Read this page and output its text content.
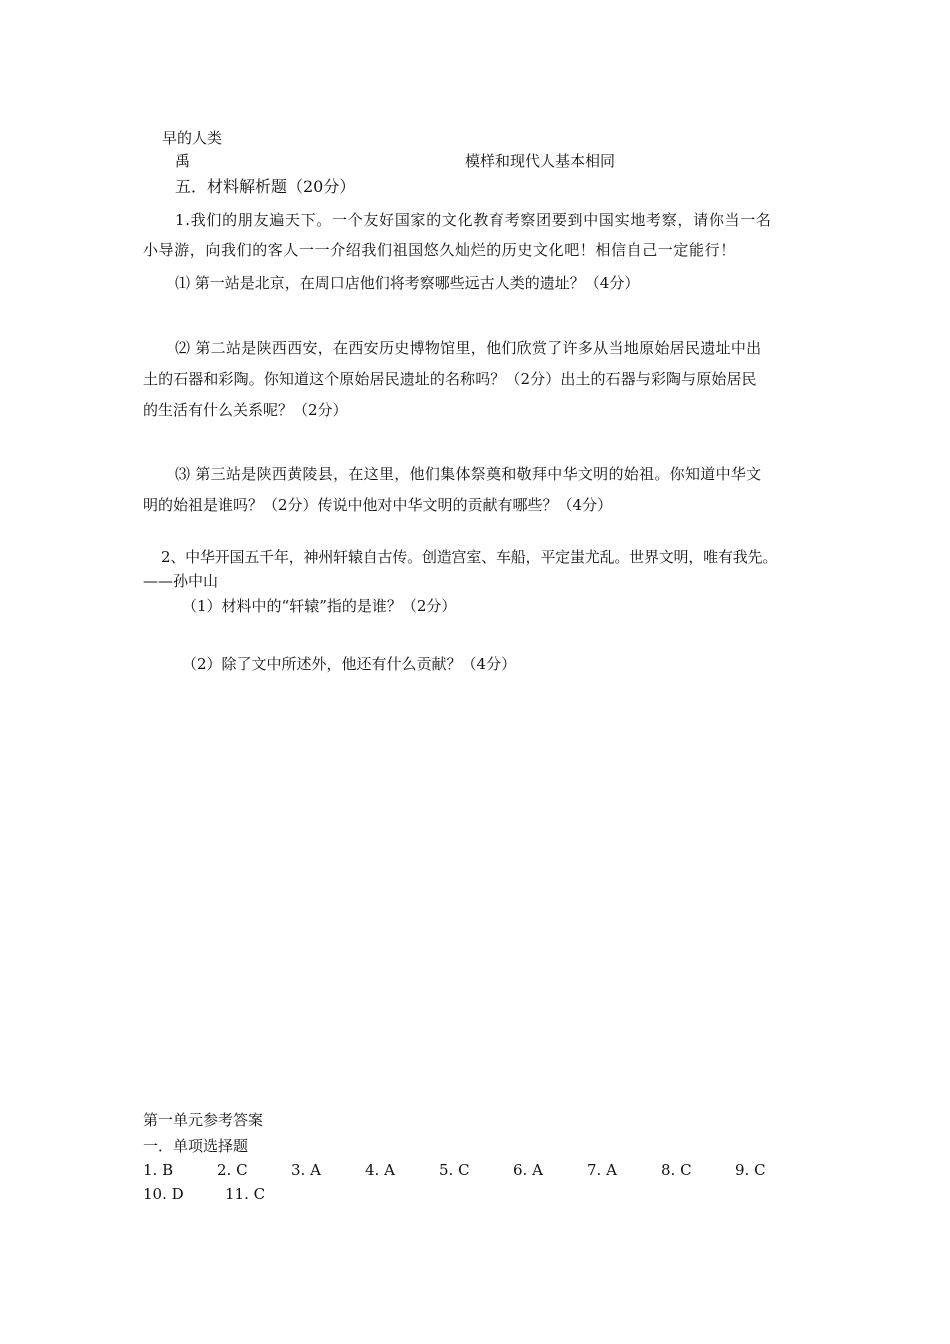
早的人类
禹	模样和现代人基本相同
五．材料解析题（20分）
1.我们的朋友遍天下。一个友好国家的文化教育考察团要到中国实地考察，请你当一名
小导游，向我们的客人一一介绍我们祖国悠久灿烂的历史文化吧！相信自己一定能行！
⑴ 第一站是北京，在周口店他们将考察哪些远古人类的遗址？（4分）
⑵ 第二站是陕西西安，在西安历史博物馆里，他们欣赏了许多从当地原始居民遗址中出
土的石器和彩陶。你知道这个原始居民遗址的名称吗？（2分）出土的石器与彩陶与原始居民
的生活有什么关系呢？（2分）
⑶ 第三站是陕西黄陵县，在这里，他们集体祭奠和敬拜中华文明的始祖。你知道中华文
明的始祖是谁吗？（2分）传说中他对中华文明的贡献有哪些？（4分）
2、中华开国五千年，神州轩辕自古传。创造宫室、车船，平定蚩尤乱。世界文明，唯有我先。
——孙中山
（1）材料中的“轩辕”指的是谁？（2分）
（2）除了文中所述外，他还有什么贡献？（4分）
第一单元参考答案
一．单项选择题
1. B	2. C	3. A	4. A	5. C	6. A	7. A	8. C	9. C
10. D	11. C
